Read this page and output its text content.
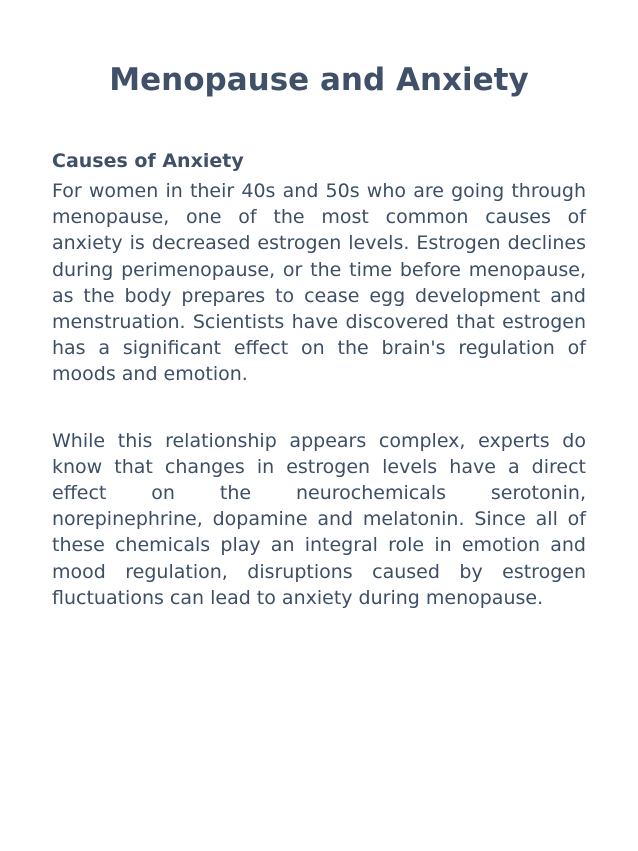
Menopause and Anxiety
Causes of Anxiety

For women in their 40s and 50s who are going through menopause, one of the most common causes of anxiety is decreased estrogen levels. Estrogen declines during perimenopause, or the time before menopause, as the body prepares to cease egg development and menstruation. Scientists have discovered that estrogen has a significant effect on the brain's regulation of moods and emotion.

While this relationship appears complex, experts do know that changes in estrogen levels have a direct effect on the neurochemicals serotonin, norepinephrine, dopamine and melatonin. Since all of these chemicals play an integral role in emotion and mood regulation, disruptions caused by estrogen fluctuations can lead to anxiety during menopause.
